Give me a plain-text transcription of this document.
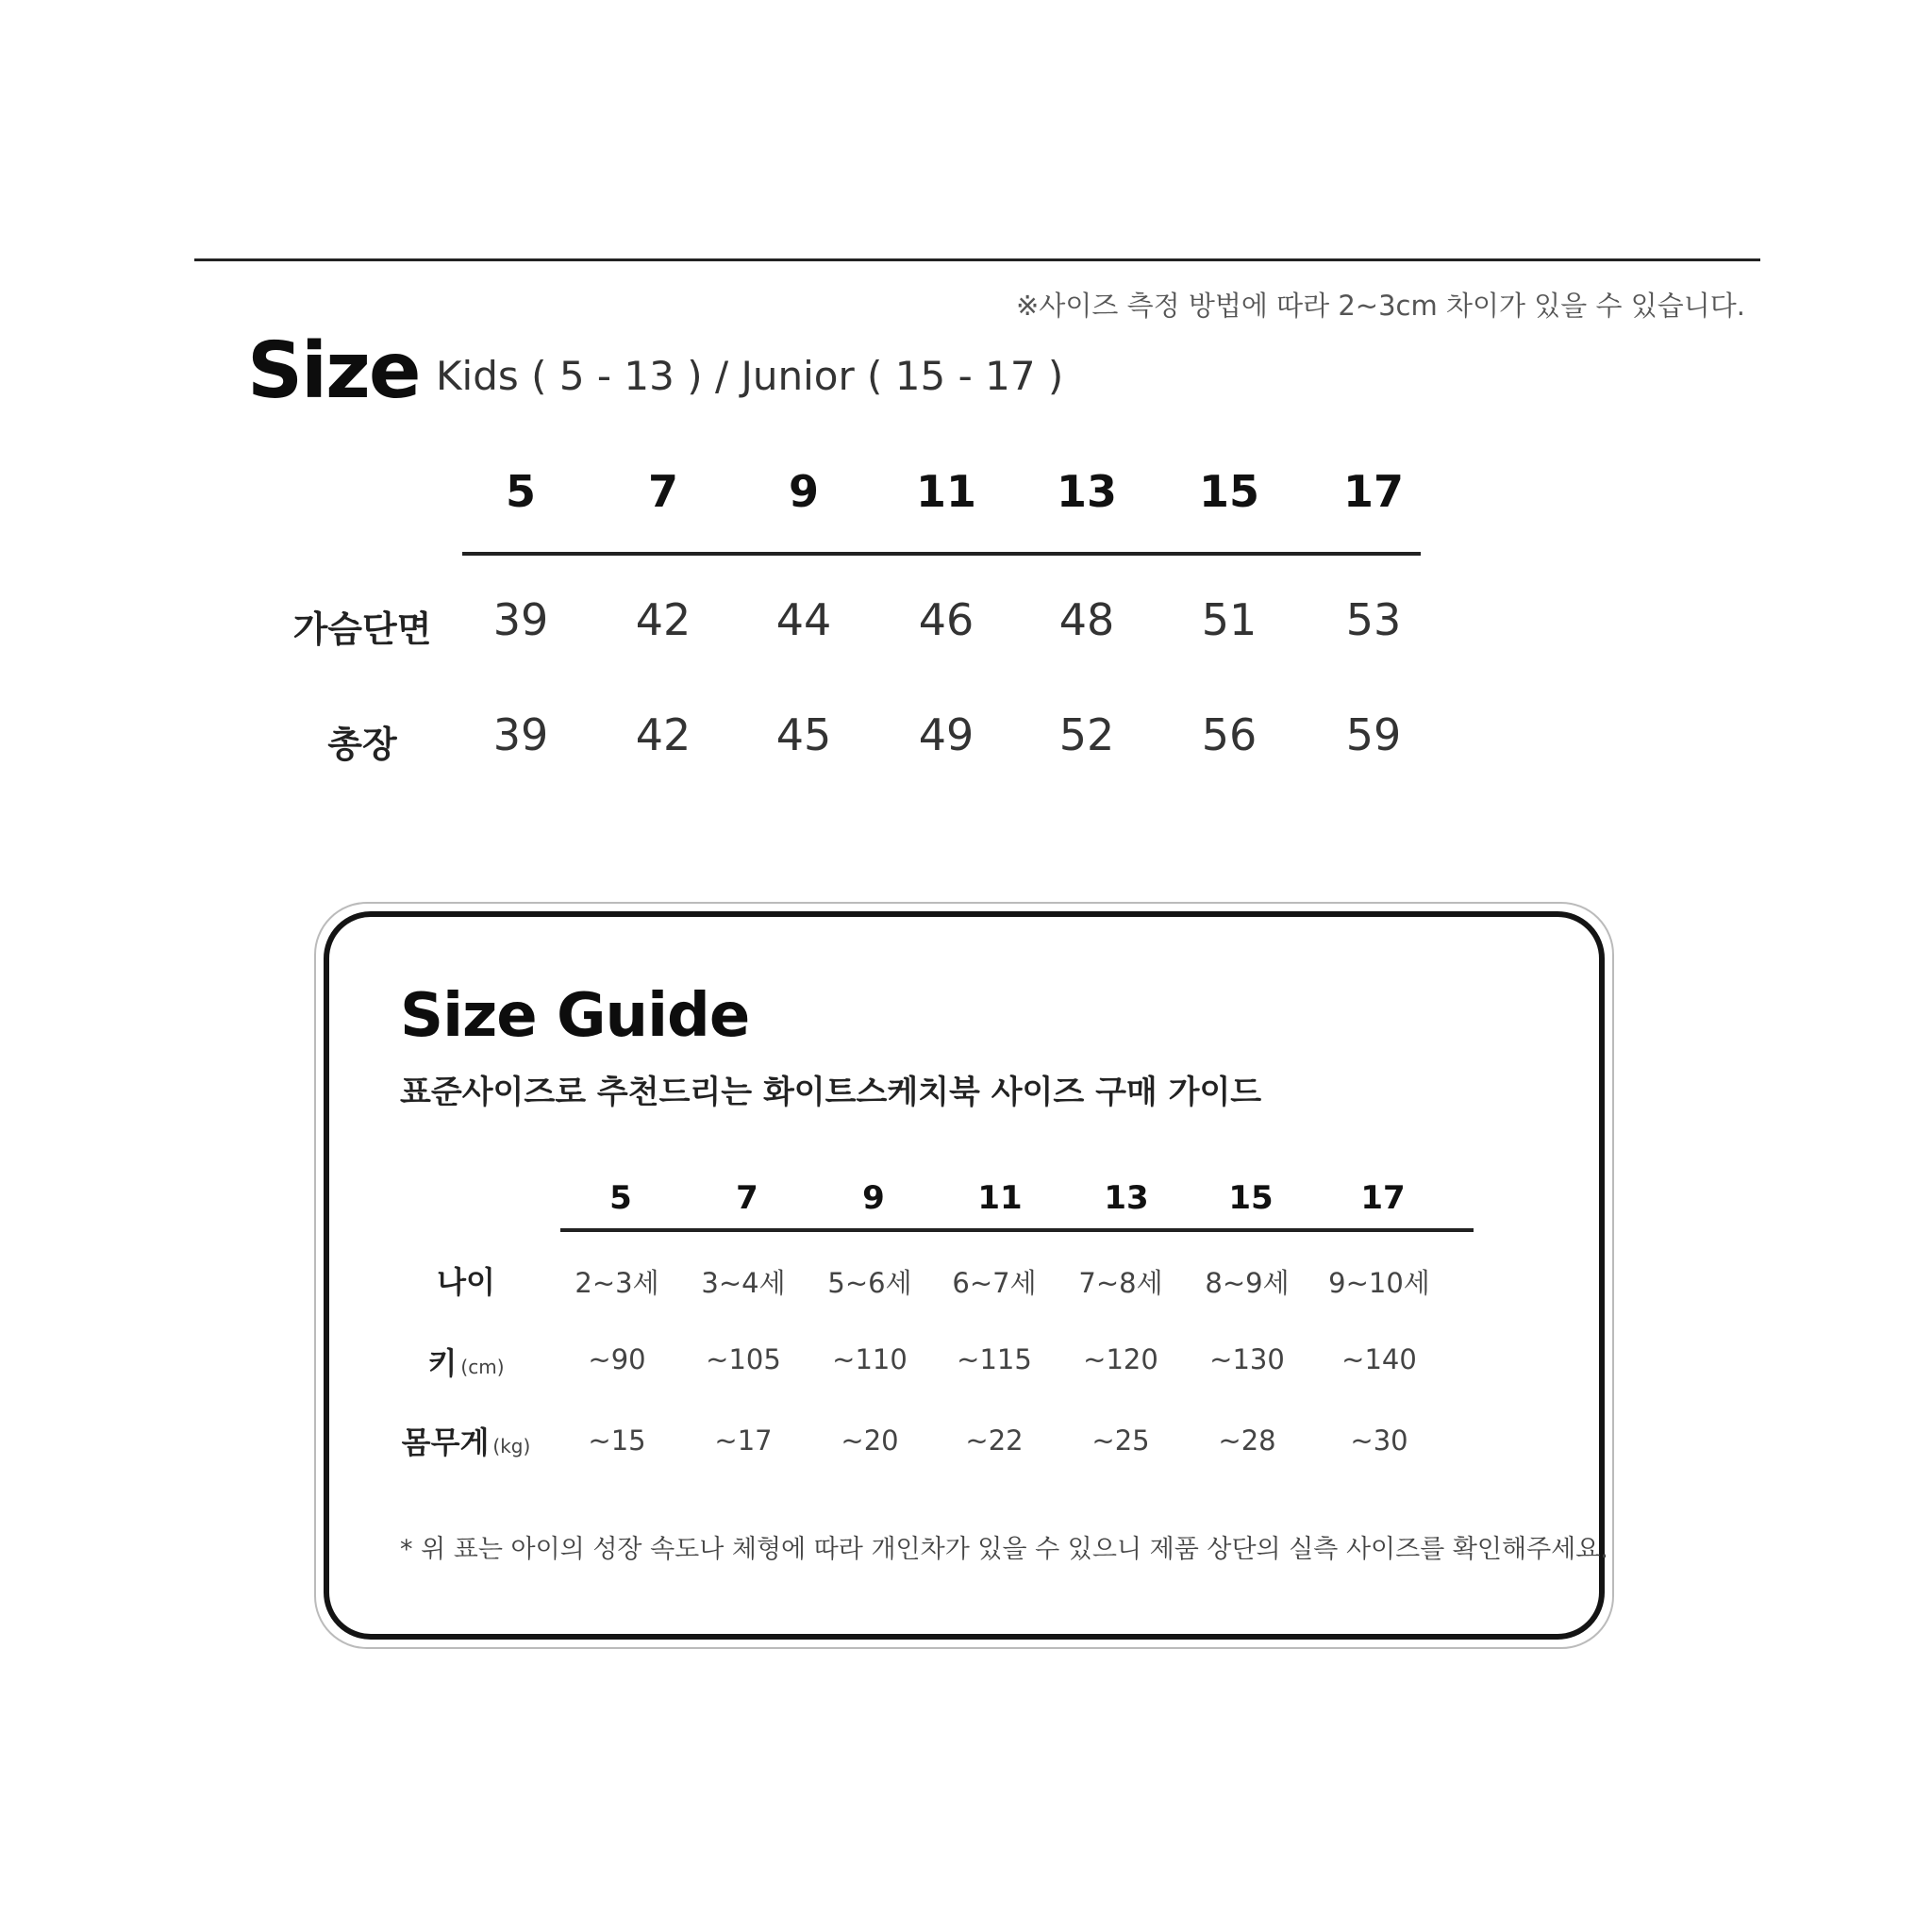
※사이즈 측정 방법에 따라 2~3cm 차이가 있을 수 있습니다.
Size Kids ( 5 - 13 ) / Junior ( 15 - 17 )
5	7	9	11	13	15	17
가슴단면	39	42	44	46	48	51	53
총장	39	42	45	49	52	56	59
Size Guide
표준사이즈로 추천드리는 화이트스케치북 사이즈 구매 가이드
5	7	9	11	13	15	17
나이	2~3세	3~4세	5~6세	6~7세	7~8세	8~9세	9~10세
키 (cm)	~90	~105	~110	~115	~120	~130	~140
몸무게 (kg)	~15	~17	~20	~22	~25	~28	~30
* 위 표는 아이의 성장 속도나 체형에 따라 개인차가 있을 수 있으니 제품 상단의 실측 사이즈를 확인해주세요.
